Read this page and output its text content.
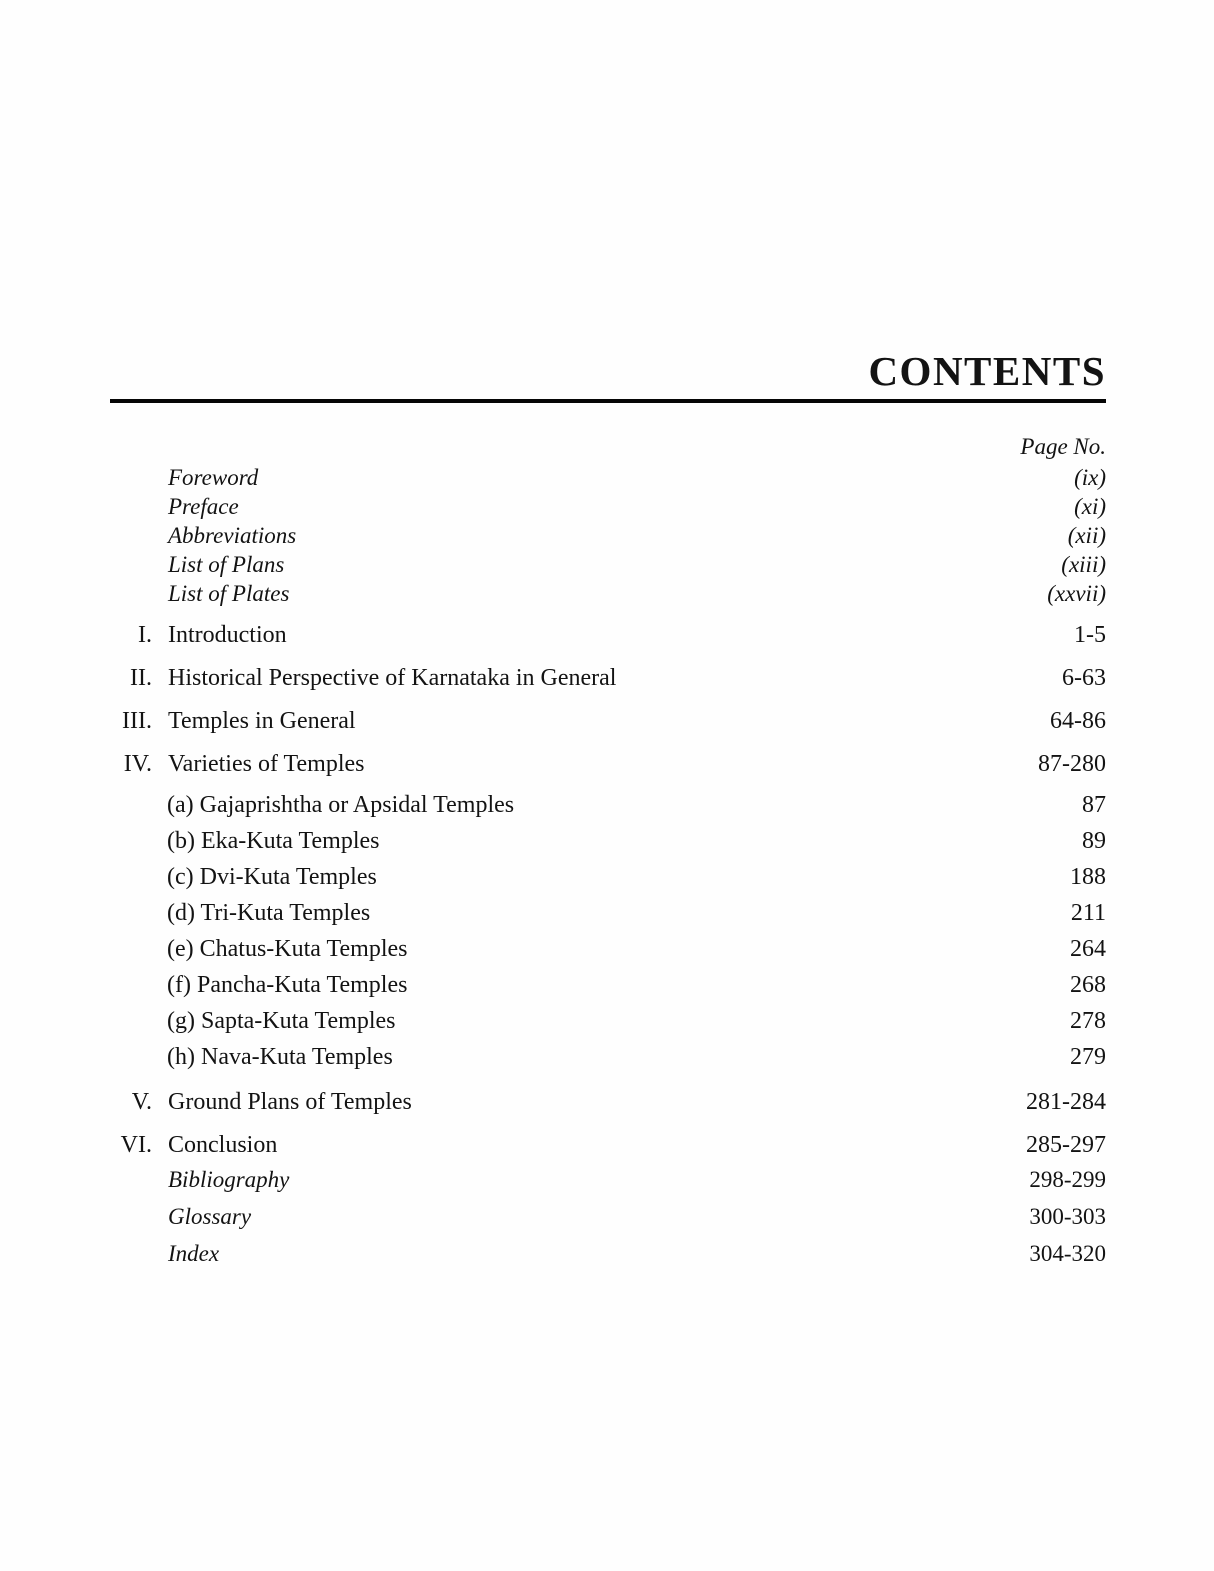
CONTENTS
Page No.
Foreword	(ix)
Preface	(xi)
Abbreviations	(xii)
List of Plans	(xiii)
List of Plates	(xxvii)
I. Introduction	1-5
II. Historical Perspective of Karnataka in General	6-63
III. Temples in General	64-86
IV. Varieties of Temples	87-280
(a) Gajaprishtha or Apsidal Temples	87
(b) Eka-Kuta Temples	89
(c) Dvi-Kuta Temples	188
(d) Tri-Kuta Temples	211
(e) Chatus-Kuta Temples	264
(f) Pancha-Kuta Temples	268
(g) Sapta-Kuta Temples	278
(h) Nava-Kuta Temples	279
V. Ground Plans of Temples	281-284
VI. Conclusion	285-297
Bibliography	298-299
Glossary	300-303
Index	304-320
